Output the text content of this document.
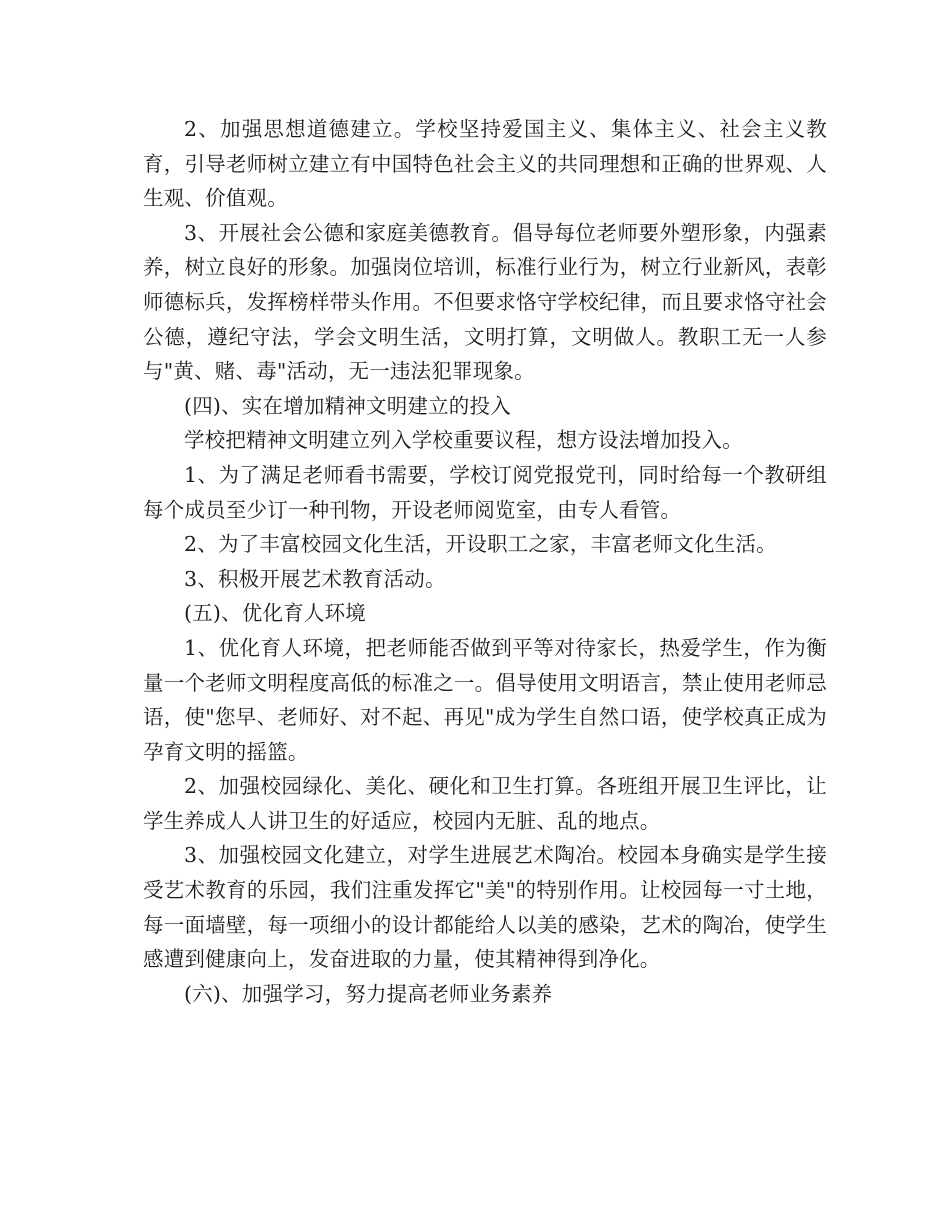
2、加强思想道德建立。学校坚持爱国主义、集体主义、社会主义教育，引导老师树立建立有中国特色社会主义的共同理想和正确的世界观、人生观、价值观。

3、开展社会公德和家庭美德教育。倡导每位老师要外塑形象，内强素养，树立良好的形象。加强岗位培训，标准行业行为，树立行业新风，表彰师德标兵，发挥榜样带头作用。不但要求恪守学校纪律，而且要求恪守社会公德，遵纪守法，学会文明生活，文明打算，文明做人。教职工无一人参与"黄、赌、毒"活动，无一违法犯罪现象。

(四)、实在增加精神文明建立的投入

学校把精神文明建立列入学校重要议程，想方设法增加投入。

1、为了满足老师看书需要，学校订阅党报党刊，同时给每一个教研组每个成员至少订一种刊物，开设老师阅览室，由专人看管。

2、为了丰富校园文化生活，开设职工之家，丰富老师文化生活。

3、积极开展艺术教育活动。

(五)、优化育人环境

1、优化育人环境，把老师能否做到平等对待家长，热爱学生，作为衡量一个老师文明程度高低的标准之一。倡导使用文明语言，禁止使用老师忌语，使"您早、老师好、对不起、再见"成为学生自然口语，使学校真正成为孕育文明的摇篮。

2、加强校园绿化、美化、硬化和卫生打算。各班组开展卫生评比，让学生养成人人讲卫生的好适应，校园内无脏、乱的地点。

3、加强校园文化建立，对学生进展艺术陶冶。校园本身确实是学生接受艺术教育的乐园，我们注重发挥它"美"的特别作用。让校园每一寸土地，每一面墙壁，每一项细小的设计都能给人以美的感染，艺术的陶冶，使学生感遭到健康向上，发奋进取的力量，使其精神得到净化。

(六)、加强学习，努力提高老师业务素养
